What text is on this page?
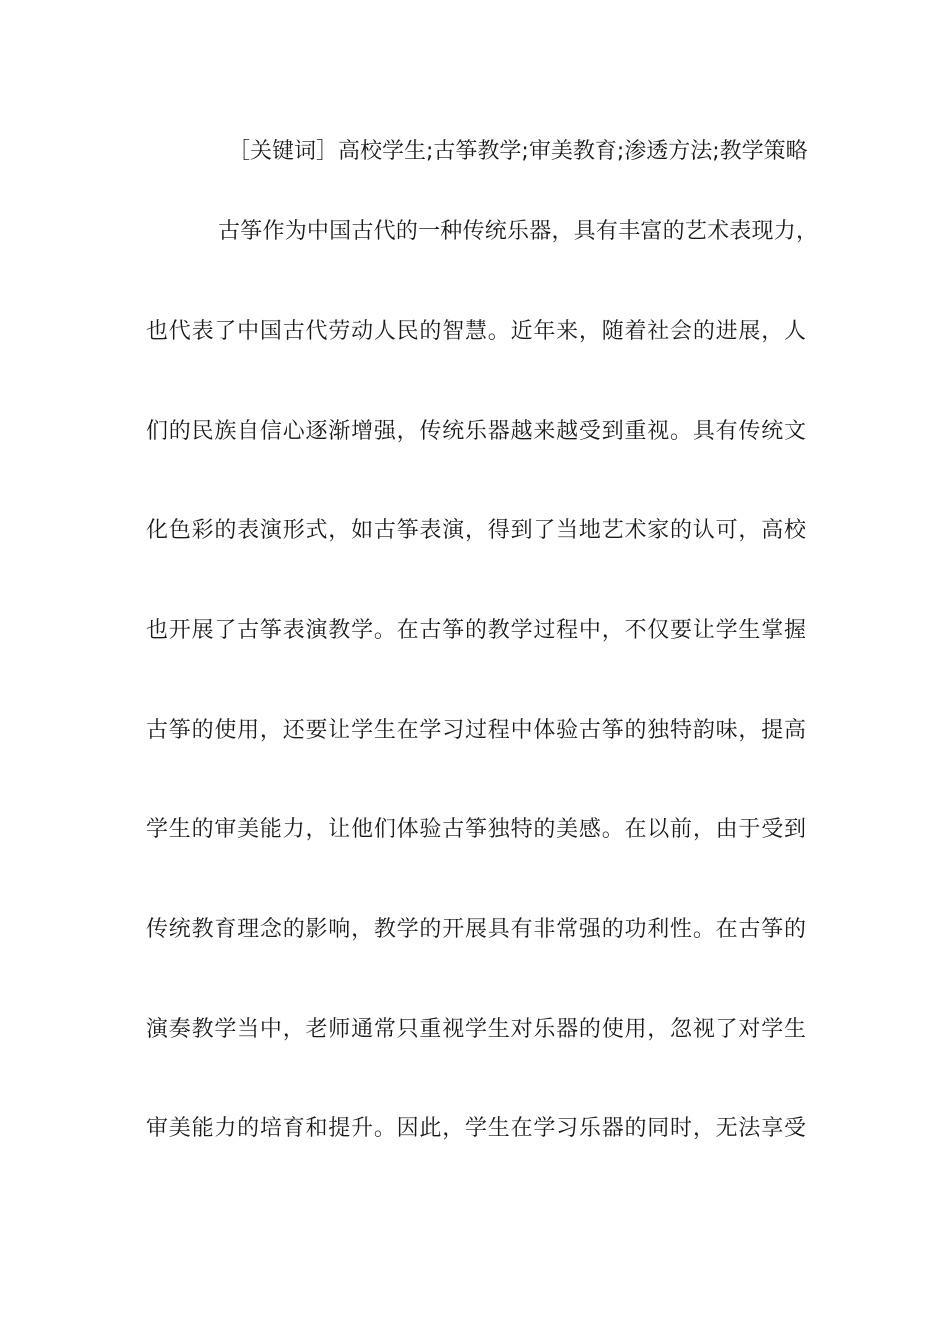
［关键词］高校学生;古筝教学;审美教育;渗透方法;教学策略
古筝作为中国古代的一种传统乐器，具有丰富的艺术表现力，
也代表了中国古代劳动人民的智慧。近年来，随着社会的进展，人
们的民族自信心逐渐增强，传统乐器越来越受到重视。具有传统文
化色彩的表演形式，如古筝表演，得到了当地艺术家的认可，高校
也开展了古筝表演教学。在古筝的教学过程中，不仅要让学生掌握
古筝的使用，还要让学生在学习过程中体验古筝的独特韵味，提高
学生的审美能力，让他们体验古筝独特的美感。在以前，由于受到
传统教育理念的影响，教学的开展具有非常强的功利性。在古筝的
演奏教学当中，老师通常只重视学生对乐器的使用，忽视了对学生
审美能力的培育和提升。因此，学生在学习乐器的同时，无法享受
